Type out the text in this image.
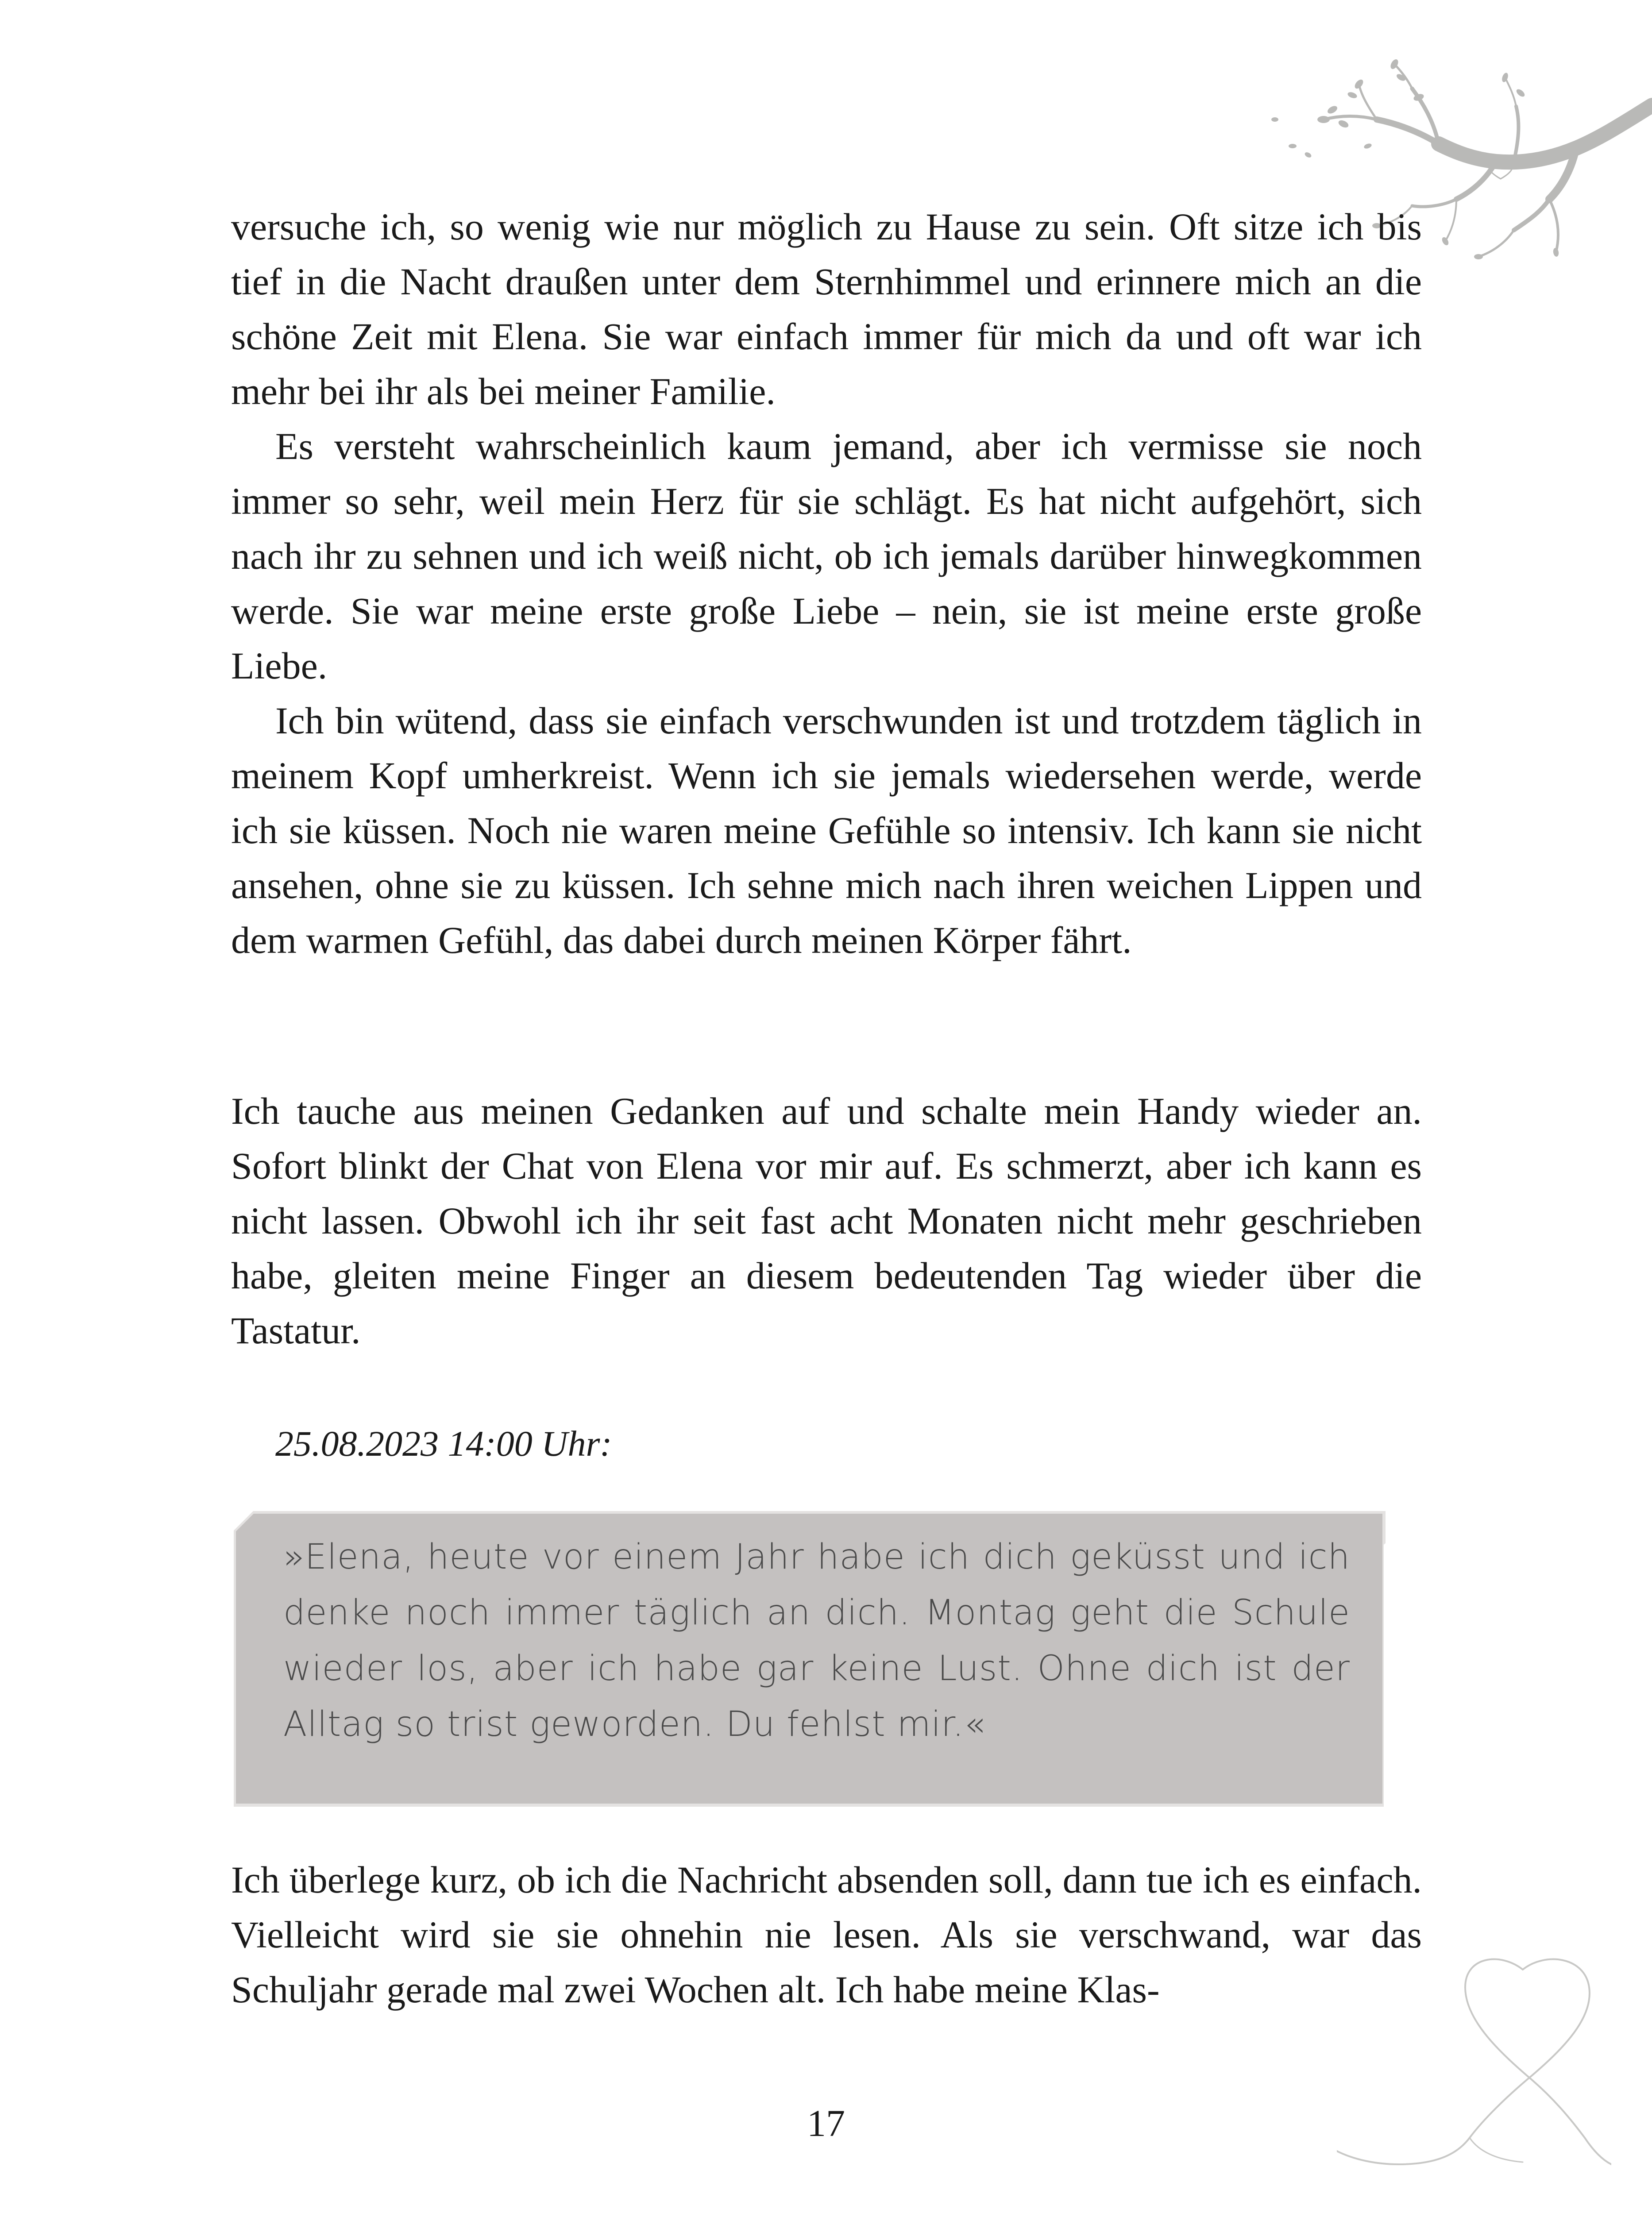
versuche ich, so wenig wie nur möglich zu Hause zu sein. Oft sitze ich bis tief in die Nacht draußen unter dem Sternhimmel und erinnere mich an die schöne Zeit mit Elena. Sie war einfach immer für mich da und oft war ich mehr bei ihr als bei meiner Familie.

Es versteht wahrscheinlich kaum jemand, aber ich vermisse sie noch immer so sehr, weil mein Herz für sie schlägt. Es hat nicht aufgehört, sich nach ihr zu sehnen und ich weiß nicht, ob ich jemals darüber hinwegkommen werde. Sie war meine erste große Liebe – nein, sie ist meine erste große Liebe.

Ich bin wütend, dass sie einfach verschwunden ist und trotzdem täglich in meinem Kopf umherkreist. Wenn ich sie jemals wiedersehen werde, werde ich sie küssen. Noch nie waren meine Gefühle so intensiv. Ich kann sie nicht ansehen, ohne sie zu küssen. Ich sehne mich nach ihren weichen Lippen und dem warmen Gefühl, das dabei durch meinen Körper fährt.

Ich tauche aus meinen Gedanken auf und schalte mein Handy wieder an. Sofort blinkt der Chat von Elena vor mir auf. Es schmerzt, aber ich kann es nicht lassen. Obwohl ich ihr seit fast acht Monaten nicht mehr geschrieben habe, gleiten meine Finger an diesem bedeutenden Tag wieder über die Tastatur.

25.08.2023 14:00 Uhr:
»Elena, heute vor einem Jahr habe ich dich geküsst und ich denke noch immer täglich an dich. Montag geht die Schule wieder los, aber ich habe gar keine Lust. Ohne dich ist der Alltag so trist geworden. Du fehlst mir.«

Ich überlege kurz, ob ich die Nachricht absenden soll, dann tue ich es einfach. Vielleicht wird sie sie ohnehin nie lesen. Als sie verschwand, war das Schuljahr gerade mal zwei Wochen alt. Ich habe meine Klas-

17
